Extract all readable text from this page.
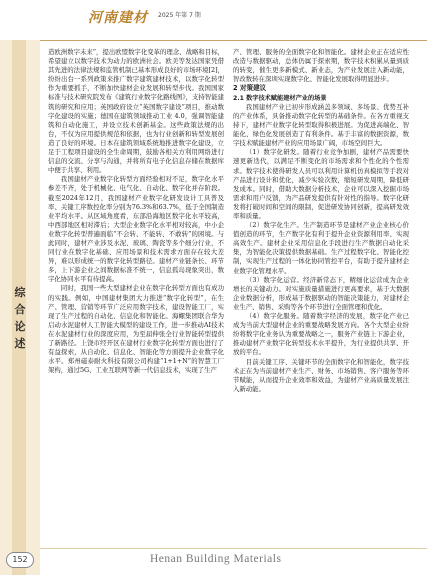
河南建材 2025 年第 7 期
综
合
论
述

造欧洲数字未来”，提出欧盟数字化变革的理念、战略和目标，希望建立以数字技术为动力的欧洲社会。欧美等发达国家凭借其先进的法律法规和监管机制已基本形成良好的市场环境[2]，纷纷出台一系列政策来推广数字建筑建材技术，以数字化转型作为重要抓手，不断加快建材企业发展和转型步伐。我国国家标准与技术研究院发布《建筑行业数字化路线图》，支持智能建筑的研究和应用；英国政府设立“英国数字建设”项目，推动数字化建设的实施；德国在建筑领域推动工业 4.0，强调智能建筑和自动化施工，并设立技术创新基金。这些政策法规的出台，不仅为应用提供规范和依据，也为行业创新和转型发展创造了良好的环境。日本在建筑领域系统地推进数字化建设，立足于工程项目建设的全生命周期，鼓励各相关方利用网络进行信息的交流、分享与沟通，并将所有电子化信息存储在数据库中便于共享、利用。

我国建材产业数字化转型方面经验相对不足，数字化水平参差不齐，处于机械化、电气化、自动化、数字化并存阶段。截至2024年12月，我国建材产业数字化研发设计工具普及率、关键工序数控化率分别为76.3%和63.7%，低于全国制造业平均水平。从区域角度看，东部沿海地区数字化水平较高，中西部地区相对滞后；大型企业数字化水平相对较高，中小企业数字化转型普遍面临“不会转、不能转、不敢转”的困境。与此同时，建材产业涉及水泥、玻璃、陶瓷等多个细分行业，不同行业在数字化基础、应用场景和技术需求方面存在较大差异，难以形成统一的数字化转型路径。建材产业链条长、环节多，上下游企业之间数据标准不统一，信息孤岛现象突出，数字化协同水平有待提高。

同时，我国一些大型建材企业在数字化转型方面也有成功的实践。例如，中国建材集团大力推进“数字化转型”，在生产、管理、营销等环节广泛应用数字技术，建设智能工厂，实现了生产过程的自动化、信息化和智能化。海螺集团联合华为启动水泥建材人工智能大模型的建设工作，进一步推动AI技术在水泥建材行业的深度应用，为至届伸张全行业智能转型提供了新路径。上饶市经开区在建材行业数字化转型方面也进行了有益探索，从自动化、信息化、智能化等方面提升企业数字化水平。郑州磁泰耐火科技有限公司构建“1+1+N”的智慧工厂架构，通过5G、工业互联网等新一代信息技术，实现了生产

产、管理、服务的全面数字化和智能化。建材企业正在适应性改造与数据驱动，总体仍属于探索期，数字技术积累从量到质的转变，催生更多新模式、新业态，为产业发展注入新动能，智改数转在深圳实现数字化、智能化发展取得明显进步。

2 对策建议

2.1 数字技术赋能建材产业的场景

我国建材产业已初步形成涵盖多领域、多场景、优势互补的产业体系，具备推动数字化转型的基础条件。在各方重视支持下，建材产业数字化转型取得积极进展。为促进高端化、智能化、绿色化发展创造了有利条件。基于丰富的数据资源，数字技术赋能建材产业的应用场景广阔，市场空间巨大。

（1）数字化研发。随着行业竞争加剧，建材产品需要快速更新迭代，以满足不断变化的市场需求和个性化的个性需求。数字技术使得研发人员可以利用计算机仿真模拟等手段对产品进行设计和优化，减少实验次数，缩短研发周期，降低研发成本。同时，借助大数据分析技术，企业可以深入挖掘市场需求和用户反馈，为产品研发提供有针对性的指导。数字化研发将打破时间和空间的限制，促进研发协同创新，提高研发效率和质量。

（2）数字化生产。生产制造环节是建材产业企业核心价值创造的环节，生产数字化有利于提升企业资源利用率、实现高效生产。建材企业采用信息化手段进行生产数据自动化采集，为智能化决策提供数据基础。生产过程数字化、智能化控制，实现生产过程的一体化协同管控平台，有助于提升建材企业数字化管理水平。

（3）数字化运营。经济新常态下，精细化运营成为企业增长的关键动力。对实施质量措施进行更高要求，基于大数据企业数据分析，形成基于数据驱动的智能决策能力，对建材企业生产、销售、采购等各个环节进行全面管理和优化。

（4）数字化服务。随着数字经济的发展，数字化产业已成为当前大型建材企业的重要战略发展方向。各个大型企业纷纷将数字化业务认为重要战略之一，服务产业链上下游企业，推动建材产业数字化转型技术水平提升，为行业提供共享、开放的平台。

目前关键工序、关键环节的全面数字化和智能化，数字技术正在为当前建材产业生产、财务、市场销售、客户服务等环节赋能，从而提升企业效率和效益，为建材产业高质量发展注入新动能。

152	Henan Building Materials
